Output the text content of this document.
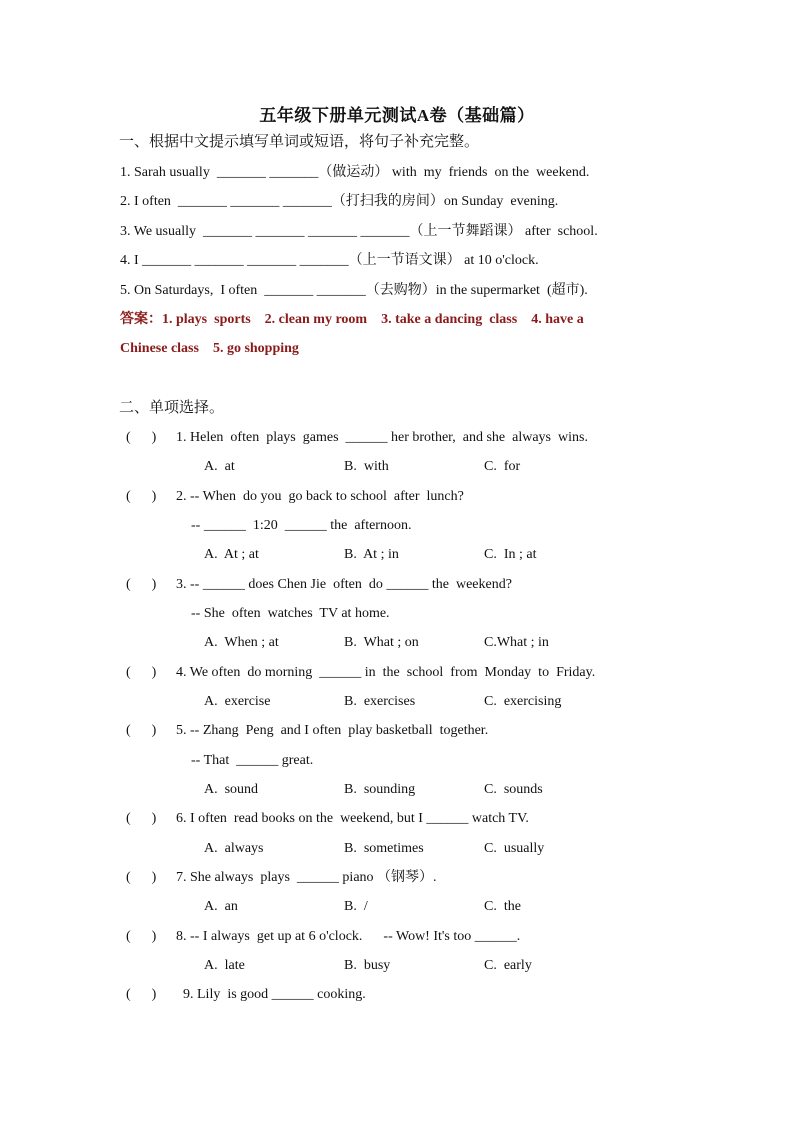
五年级下册单元测试A卷（基础篇）
一、根据中文提示填写单词或短语，将句子补充完整。
1. Sarah usually  _______ _______（做运动） with  my  friends  on the  weekend.
2. I often  _______ _______ _______（打扫我的房间）on Sunday  evening.
3. We usually  _______ _______ _______ _______（上一节舞蹈课） after  school.
4. I _______ _______ _______ _______（上一节语文课） at 10 o'clock.
5. On Saturdays,  I often  _______ _______（去购物）in the supermarket  (超市).
答案：1. plays  sports    2. clean my room    3. take a dancing  class    4. have a
Chinese class    5. go shopping
二、单项选择。
(      ) 1. Helen  often  plays  games  ______ her brother,  and she  always  wins.
A.  at	B.  with	C.  for
(      ) 2. -- When  do you  go back to school  after  lunch?
-- ______  1:20  ______ the  afternoon.
A.  At ; at	B.  At ; in	C.  In ; at
(      ) 3. -- ______ does Chen Jie  often  do ______ the  weekend?
-- She  often  watches  TV at home.
A.  When ; at	B.  What ; on	C.What ; in
(      ) 4. We often  do morning  ______ in  the  school  from  Monday  to  Friday.
A.  exercise	B.  exercises	C.  exercising
(      ) 5. -- Zhang  Peng  and I often  play basketball  together.
-- That  ______ great.
A.  sound	B.  sounding	C.  sounds
(      ) 6. I often  read books on the  weekend, but I ______ watch TV.
A.  always	B.  sometimes	C.  usually
(      ) 7. She always  plays  ______ piano （钢琴）.
A.  an	B.  /	C.  the
(      ) 8. -- I always  get up at 6 o'clock.      -- Wow! It's too ______.
A.  late	B.  busy	C.  early
(      ) 9. Lily  is good ______ cooking.
